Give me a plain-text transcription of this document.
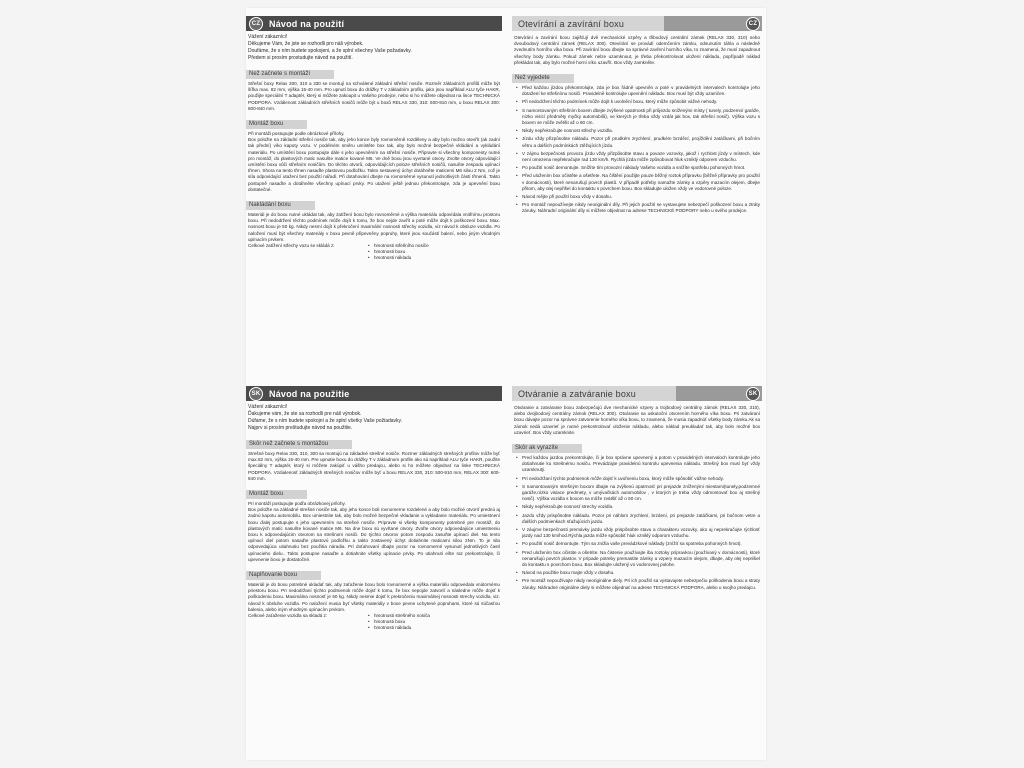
CZ Návod na použití

Vážení zákazníci!

Děkujeme Vám, že jste se rozhodli pro náš výrobek.

Doufáme, že s ním budete spokojeni, a že splní všechny Vaše požadavky.

Předem si prosím prostudujte návod na použití.

Než začnete s montáží

Střešní boxy Relax 300, 310 a 330 se montují na schválené základní střešní nosiče. Rozměr základních profilů může být šířka max. 82 mm, výška 15-40 mm. Pro upnutí boxu do drážky T v základním profilu, jako jsou například ALU tyče HAKR, použijte speciální T adaptér, který si můžete zakoupit u Vašeho prodejce, nebo si ho můžete objednat na lince TECHNICKÁ PODPORA. Vzdálenost základních střešních nosičů může být u boxů RELAX 330, 310: 500-910 mm, u boxu RELAX 300: 600-840 mm.

Montáž boxu

Při montáži postupujte podle obrázkové přílohy.

Box položte na základní střešní nosiče tak, aby jeho konce byly rovnoměrně rozděleny a aby bylo možno otevřít (ak zadní tak přední) víko kapoty vozu. V podélném směru umístěte box tak, aby bylo možné bezpečné vkládání a vykládání materiálu. Po umístění boxu postupujte dále s jeho upevněním na střešní nosiče. Připravte si všechny komponenty nutné pro montáž, do plastových matic nasuňte matice kované M6. Ve dně boxu jsou vyvrtané otvory. Zvolte otvory odpovídající umístění boxu vůči střešním nosičům. Do těchto otvorů, odpovídajících poloze střešních nosičů, nasuňte zespodu upínací třmen. Shora na tento třmen nasaďte plastovou podložku. Takto sestavený úchyt dotáhněte maticemi M6 silou 2 Nm, což je síla odpovídající utažení bez použití nářadí. Při dotahování dbejte na rovnoměrné vysunutí jednotlivých částí třmenů. Takto postupně nasaďte a dotáhněte všechny upínací prvky. Po utažení ještě jednou překontrolujte, zda je upevnění boxu dostatečné.

Nakládání boxu

Materiál je do boxu nutné ukládat tak, aby zatížení boxu bylo rovnoměrné a výška materiálu odpovídala vnitřnímu prostoru boxu. Při nedodržení těchto podmínek může dojít k tomu, že box nejde zavřít a poté může dojít k poškození boxu. Max. nosnost boxu je 50 kg. Nikdy nesmí dojít k překročení maximální nosnosti střechy vozidla, viz návod k obsluze vozidla. Po naložení musí být všechny materiály v boxu pevně připevněny popruhy, které jsou součástí balení, nebo jiným vhodným upínacím prvkem.

Celkové zatížení střechy vozu se skládá z:	• hmotnosti střešního nosiče
• hmotnosti boxu
• hmotnosti nákladu
Otevírání a zavírání boxu	CZ

Otevírání a zavírání boxu zajišťují dvě mechanické vzpěry a třibodový centrální zámek (RELAX 330, 310) nebo dvoubodový centrální zámek (RELAX 300). Otevírání se provádí odemčením zámku, odsunutím táhla a následně zvednutím horního víka boxu. Při zavírání boxu dbejte na správné zavření horního víka, to znamená, že musí zapadnout všechny body zámku. Pokud zámek nelze uzamknout, je třeba překontrolovat uložení nákladu, popřípadě náklad překládat tak, aby bylo možné horní víko uzavřít. Box vždy zamkněte.

Než vyjedete

• Před každou jízdou překontrolujte, zda je box řádně upevněn a poté v pravidelných intervalech kontrolujte jeho dotažení ke střešnímu nosiči. Pravidelně kontrolujte upevnění nákladu. Box musí být vždy uzamčen.

• Při nedodržení těchto podmínek může dojít k uvolnění boxu, který může způsobit vážné nehody.

• S namontovaným střešním boxem dbejte zvýšené opatrnosti při průjezdu sníženými místy ( tunely, podzemní garáže, nízko visící předměty myčky automobilů), ve kterých je třeba vždy vzdát jak box, tak střešní nosič). Výška vozu s boxem se může zvětšit až o 60 cm.

• Nikdy nepřekračujte nosnost střechy vozidla.

• Jízdu vždy přizpůsobte nákladu. Pozor při prudkém zrychlení, prudkém brzdění, projíždění zatáčkami, při bočním větru a dalších podmínkách ztěžujících jízdu.

• V zájmu bezpečnosti provozu jízdu vždy přizpůsobte stavu a povaze vozovky, jakož i rychlost jízdy v místech, kde není omezena nepřekračujte rad 130 km/h. Rychlá jízda může způsobovat hluk vzniklý odporem vzduchu.

• Po použití nosič demontujte. Snížíte tím provozní náklady Vašeho vozidla a snížíte spotřebu pohonných hmot.

• Před uložením box očistěte a ošetřete. Na čištění použijte pouze běžný roztok přípravku (běžně přípravky pro použití v domácnosti), které nenarušují povrch plastů. V případě potřeby namažte zámky a vzpěry mazacím olejem, dbejte přitom, aby olej nepřišel do kontaktu s povrchem boxu. Box skladujte uložen vždy ve vodorovné poloze.

• Návod mějte při použití boxu vždy v dosahu.

• Pro montáž nepoužívejte nikdy neoriginální díly. Při jejich použití se vystavujete nebezpečí poškození boxu a ztráty záruky. Náhradní originální díly si můžete objednat na adrese TECHNICKÉ PODPORY nebo u svého prodejce.

SK Návod na použitie

Vážení zákazníci!

Ďakujeme vám, že ste sa rozhodli pre náš výrobok.

Dúfame, že s ním budete spokojní a že splní všetky Vaše požiadavky.

Najprv si prosím preštudujte návod na použitie.

Skôr než začnete s montážou

Strešné boxy Relax 330, 310, 300 sa montujú na základné strešné nosiče. Rozmer základných strešných profilov môže byť max.82 mm, výška 15-40 mm. Pre upnutie boxu do drážky T v základnom profile ako sú napríklad ALU tyče HAKR, použite špeciálny T adaptér, ktorý si môžete zakúpiť u vášho predajcu, alebo si ho môžete objednať na linke TECHNICKÁ PODPORA. Vzdialenosť základných strešných nosičov môže byť u boxu RELAX 330, 310: 500-910 mm, RELAX 300: 600-840 mm.

Montáž boxu

Pri montáži postupujte podľa obrázkovej prílohy.

Box položte na základné strešné nosiče tak, aby jeho konce boli rovnomerne rozdelené a aby bolo možné otvoriť prednú aj zadnú kapotu automobilu. Box umiestnite tak, aby bolo možné bezpečné vkladanie a vykladanie materiálu. Po umiestnení boxu ďalej postupujte s jeho upevnením na strešné nosiče. Pripravte si všetky komponenty potrebné pre montáž, do plastových matíc nasuňte kované matice M6. Na dne boxu sú vyvŕtané otvory. Zvoľte otvory odpovedajúce umiestneniu boxu k odpovedajúcim otvorom na strešnom nosiči. Do týchto otvorov potom zospodu zasuňte upínací diel. Na tento upínací diel potom nasaďte plastovú podložku a takto zostavený úchyt dotiahnite maticami silou 2Nm. To je sila odpovedajúca utiahnutiu bez použitia náradia. Pri doťahovaní dbajte pozor na rovnomerné vysunutí jednotlivých častí upínacieho dielu.. Takto postupne nasaďte a dotiahnite všetky upínacie prvky. Po utiahnutí ešte raz prekontrolujte, či upevnenie boxu je dostatočné.

Naplňovanie boxu

Materiál je do boxu potrebné ukladať tak, aby zaťaženie boxu bolo rovnomerné a výška materiálu odpovedala vnútornému priestoru boxu. Pri nedodržaní týchto podmienok môže dojsť k tomu, že box nepojde zatvoriť a následne môže dojsť k poškodeniu boxu. Maximálna nosnosť je 50 kg. Nikdy nesmie dojsť k prekročeniu maximálnej nosnosti strechy vozidla, viz. návod k obsluhe vozidla. Po naložení musia byť všetky materiály v boxe pevne uchytené popruhami, ktoré sú súčasťou balenia, alebo iným vhodným upínacím prvkom.

Celkové zaťaženie vozidla sa skladá z:	• hmotnosti strešného nosiča
• hmotnosti boxu
• hmotnosti nákladu
Otváranie a zatváranie boxu	SK

Otváranie a zatváranie boxu zabezpečujú dve mechanické vzpery a trojbodový centrálny zámok (RELAX 330, 310), alebo dvojbodový centrálny zámok (RELAX 300). Otváranie sa uskutoční otvorením horného víka boxu. Pri zatváraní boxu dávajte pozor na správne zatvorenie horného víka boxu, to znamená, že musia zapadnúť všetky body zámku.Ak sa zámok nedá uzavrieť je nutné prekontrolovať uloženie nákladu, alebo náklad preukladať tak, aby bolo možné box uzavrieť. Box vždy uzamknite.

Skôr ak vyrazíte

• Pred každou jazdou prekontrolujte, či je box správne upevnený a potom v pravidelných intervaloch kontrolujte jeho dotiahnutie ku strešnému nosiču. Prevádzajte pravidelnú kontrolu upevnenia nákladu. Strešný box musí byť vždy uzamknutý.

• Pri nedodržaní týchto podmienok môže dojsť k uvoľneniu boxu, ktorý môže spôsobiť vážne nehody.

• S namontovaným strešným boxom dbajte na zvýšenú opatrnosť pri prejazde zníženými miestami(tunely,podzemné garáže,nízko visiace predmety, v umývačkách automobilov , v ktorých je treba vždy odmontovať box aj strešný nosič). Výška vozidla s boxom sa môže zvätšiť až o 60 cm.

• Nikdy nepřekračujte nosnosť strechy vozidla.

• Jazdu vždy prispôsobte nákladu. Pozor pri náhlom zrychlení, brzdení, pri prejazde zatáčkami, pri bočnom vetre a ďalších podmienkach sťažujúcich jazdu.

• V záujme bezpečnosti premávky jazdu vždy prispôsobte stavu a charakteru vozovky, ako aj neprekračujte rýchlosť jazdy nad 130 km/hod.Rýchla jazda môže spôsobiť hluk vzniklý odporom vzduchu.

• Po použití nosič demontujte. Tým sa znižia vaše prevádzkové náklady (znížiť sa spotreba pohonných hmot).

• Pred uložením box očistite a ošetrite. Na čistenie používajte iba roztoky prípravkou (používaný v domácnosti), ktoré nenarušujú povrch plastov. V prípade potreby premastite zámky a vzpery mazacím olejom, dbajte, aby olej neprišiel do kontaktu s povrchom boxu. Box skladujte uložený vo vodorovnej polohe.

• Návod na použitie boxu majte vždy v dosahu.

• Pre montáž nepoužívajte nikdy neoriginálne diely. Pri ich použití sa vystavujete nebezpečiu poškodenia boxu a straty záruky. Náhradné originálne diely si môžete objednať na adrese TECHNICKÁ PODPORA, alebo u svojho predajcu.
